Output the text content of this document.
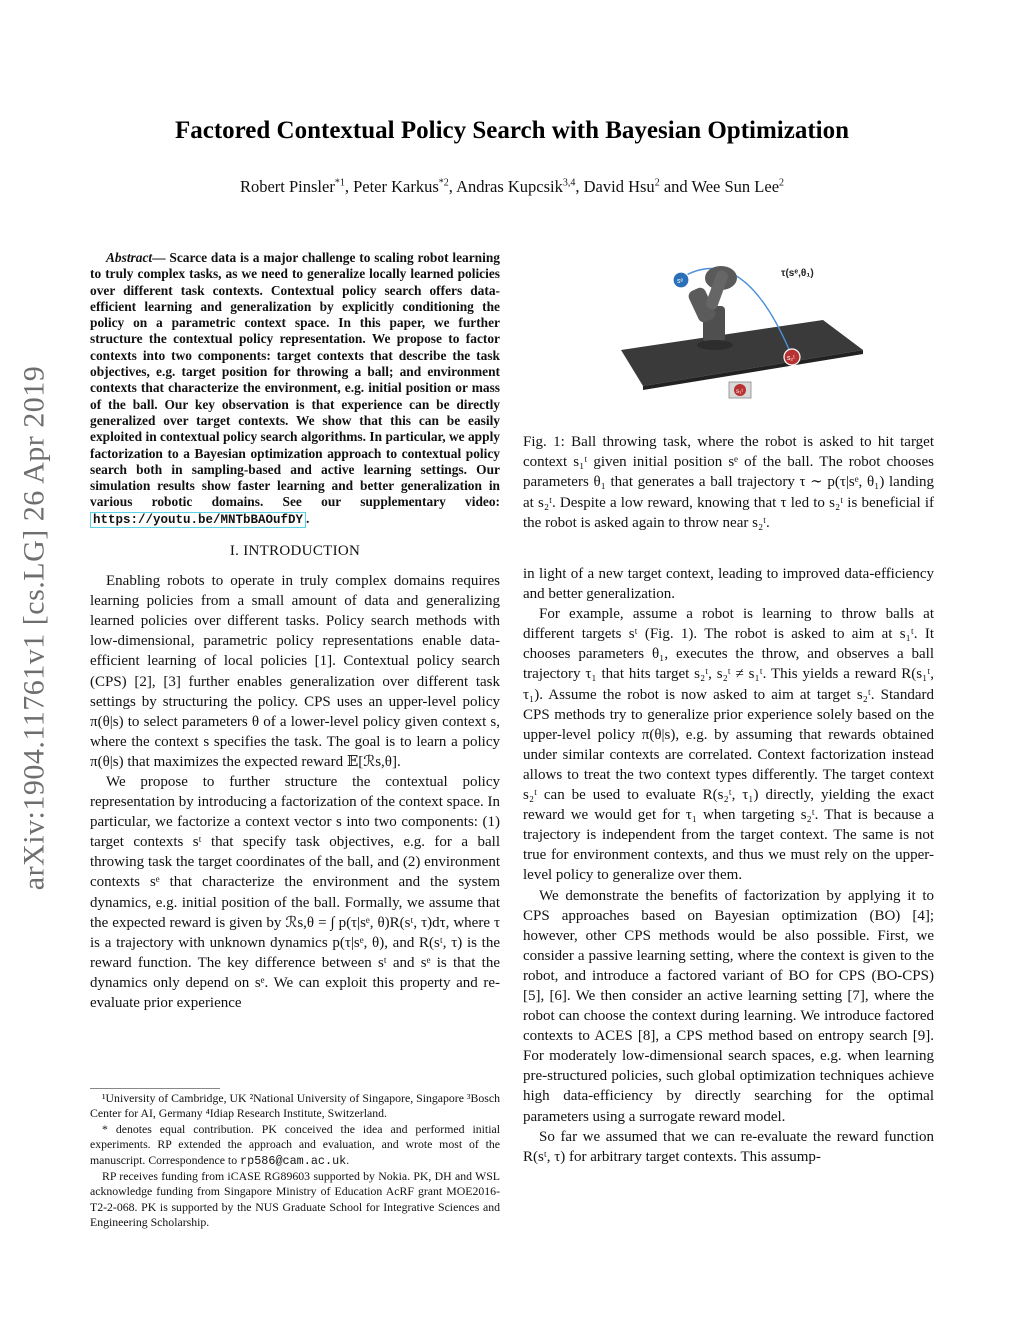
arXiv:1904.11761v1 [cs.LG] 26 Apr 2019
Factored Contextual Policy Search with Bayesian Optimization
Robert Pinsler$^{*1}$, Peter Karkus$^{*2}$, Andras Kupcsik$^{3,4}$, David Hsu$^2$ and Wee Sun Lee$^2$

Abstract— Scarce data is a major challenge to scaling robot learning to truly complex tasks, as we need to generalize locally learned policies over different task contexts. Contextual policy search offers data-efficient learning and generalization by explicitly conditioning the policy on a parametric context space. In this paper, we further structure the contextual policy representation. We propose to factor contexts into two components: target contexts that describe the task objectives, e.g. target position for throwing a ball; and environment contexts that characterize the environment, e.g. initial position or mass of the ball. Our key observation is that experience can be directly generalized over target contexts. We show that this can be easily exploited in contextual policy search algorithms. In particular, we apply factorization to a Bayesian optimization approach to contextual policy search both in sampling-based and active learning settings. Our simulation results show faster learning and better generalization in various robotic domains. See our supplementary video: https://youtu.be/MNTbBAOufDY .

I. INTRODUCTION

Enabling robots to operate in truly complex domains requires learning policies from a small amount of data and generalizing learned policies over different tasks. Policy search methods with low-dimensional, parametric policy representations enable data-efficient learning of local policies [1]. Contextual policy search (CPS) [2], [3] further enables generalization over different task settings by structuring the policy. CPS uses an upper-level policy π(θ|s) to select parameters θ of a lower-level policy given context s, where the context s specifies the task. The goal is to learn a policy π(θ|s) that maximizes the expected reward 𝔼[ℛs,θ].

We propose to further structure the contextual policy representation by introducing a factorization of the context space. In particular, we factorize a context vector s into two components: (1) target contexts sᵗ that specify task objectives, e.g. for a ball throwing task the target coordinates of the ball, and (2) environment contexts sᵉ that characterize the environment and the system dynamics, e.g. initial position of the ball. Formally, we assume that the expected reward is given by ℛs,θ = ∫ p(τ|sᵉ, θ)R(sᵗ, τ)dτ, where τ is a trajectory with unknown dynamics p(τ|sᵉ, θ), and R(sᵗ, τ) is the reward function. The key difference between sᵗ and sᵉ is that the dynamics only depend on sᵉ. We can exploit this property and re-evaluate prior experience

¹University of Cambridge, UK ²National University of Singapore, Singapore ³Bosch Center for AI, Germany ⁴Idiap Research Institute, Switzerland.

* denotes equal contribution. PK conceived the idea and performed initial experiments. RP extended the approach and evaluation, and wrote most of the manuscript. Correspondence to rp586@cam.ac.uk.

RP receives funding from iCASE RG89603 supported by Nokia. PK, DH and WSL acknowledge funding from Singapore Ministry of Education AcRF grant MOE2016-T2-2-068. PK is supported by the NUS Graduate School for Integrative Sciences and Engineering Scholarship.

sᵉ
s₂ᵗ
s₁ᵗ
τ(sᵉ,θ₁)

Fig. 1: Ball throwing task, where the robot is asked to hit target context s₁ᵗ given initial position sᵉ of the ball. The robot chooses parameters θ₁ that generates a ball trajectory τ ∼ p(τ|sᵉ, θ₁) landing at s₂ᵗ. Despite a low reward, knowing that τ led to s₂ᵗ is beneficial if the robot is asked again to throw near s₂ᵗ.

in light of a new target context, leading to improved data-efficiency and better generalization.

For example, assume a robot is learning to throw balls at different targets sᵗ (Fig. 1). The robot is asked to aim at s₁ᵗ. It chooses parameters θ₁, executes the throw, and observes a ball trajectory τ₁ that hits target s₂ᵗ, s₂ᵗ ≠ s₁ᵗ. This yields a reward R(s₁ᵗ, τ₁). Assume the robot is now asked to aim at target s₂ᵗ. Standard CPS methods try to generalize prior experience solely based on the upper-level policy π(θ|s), e.g. by assuming that rewards obtained under similar contexts are correlated. Context factorization instead allows to treat the two context types differently. The target context s₂ᵗ can be used to evaluate R(s₂ᵗ, τ₁) directly, yielding the exact reward we would get for τ₁ when targeting s₂ᵗ. That is because a trajectory is independent from the target context. The same is not true for environment contexts, and thus we must rely on the upper-level policy to generalize over them.

We demonstrate the benefits of factorization by applying it to CPS approaches based on Bayesian optimization (BO) [4]; however, other CPS methods would be also possible. First, we consider a passive learning setting, where the context is given to the robot, and introduce a factored variant of BO for CPS (BO-CPS) [5], [6]. We then consider an active learning setting [7], where the robot can choose the context during learning. We introduce factored contexts to ACES [8], a CPS method based on entropy search [9]. For moderately low-dimensional search spaces, e.g. when learning pre-structured policies, such global optimization techniques achieve high data-efficiency by directly searching for the optimal parameters using a surrogate reward model.

So far we assumed that we can re-evaluate the reward function R(sᵗ, τ) for arbitrary target contexts. This assump-
